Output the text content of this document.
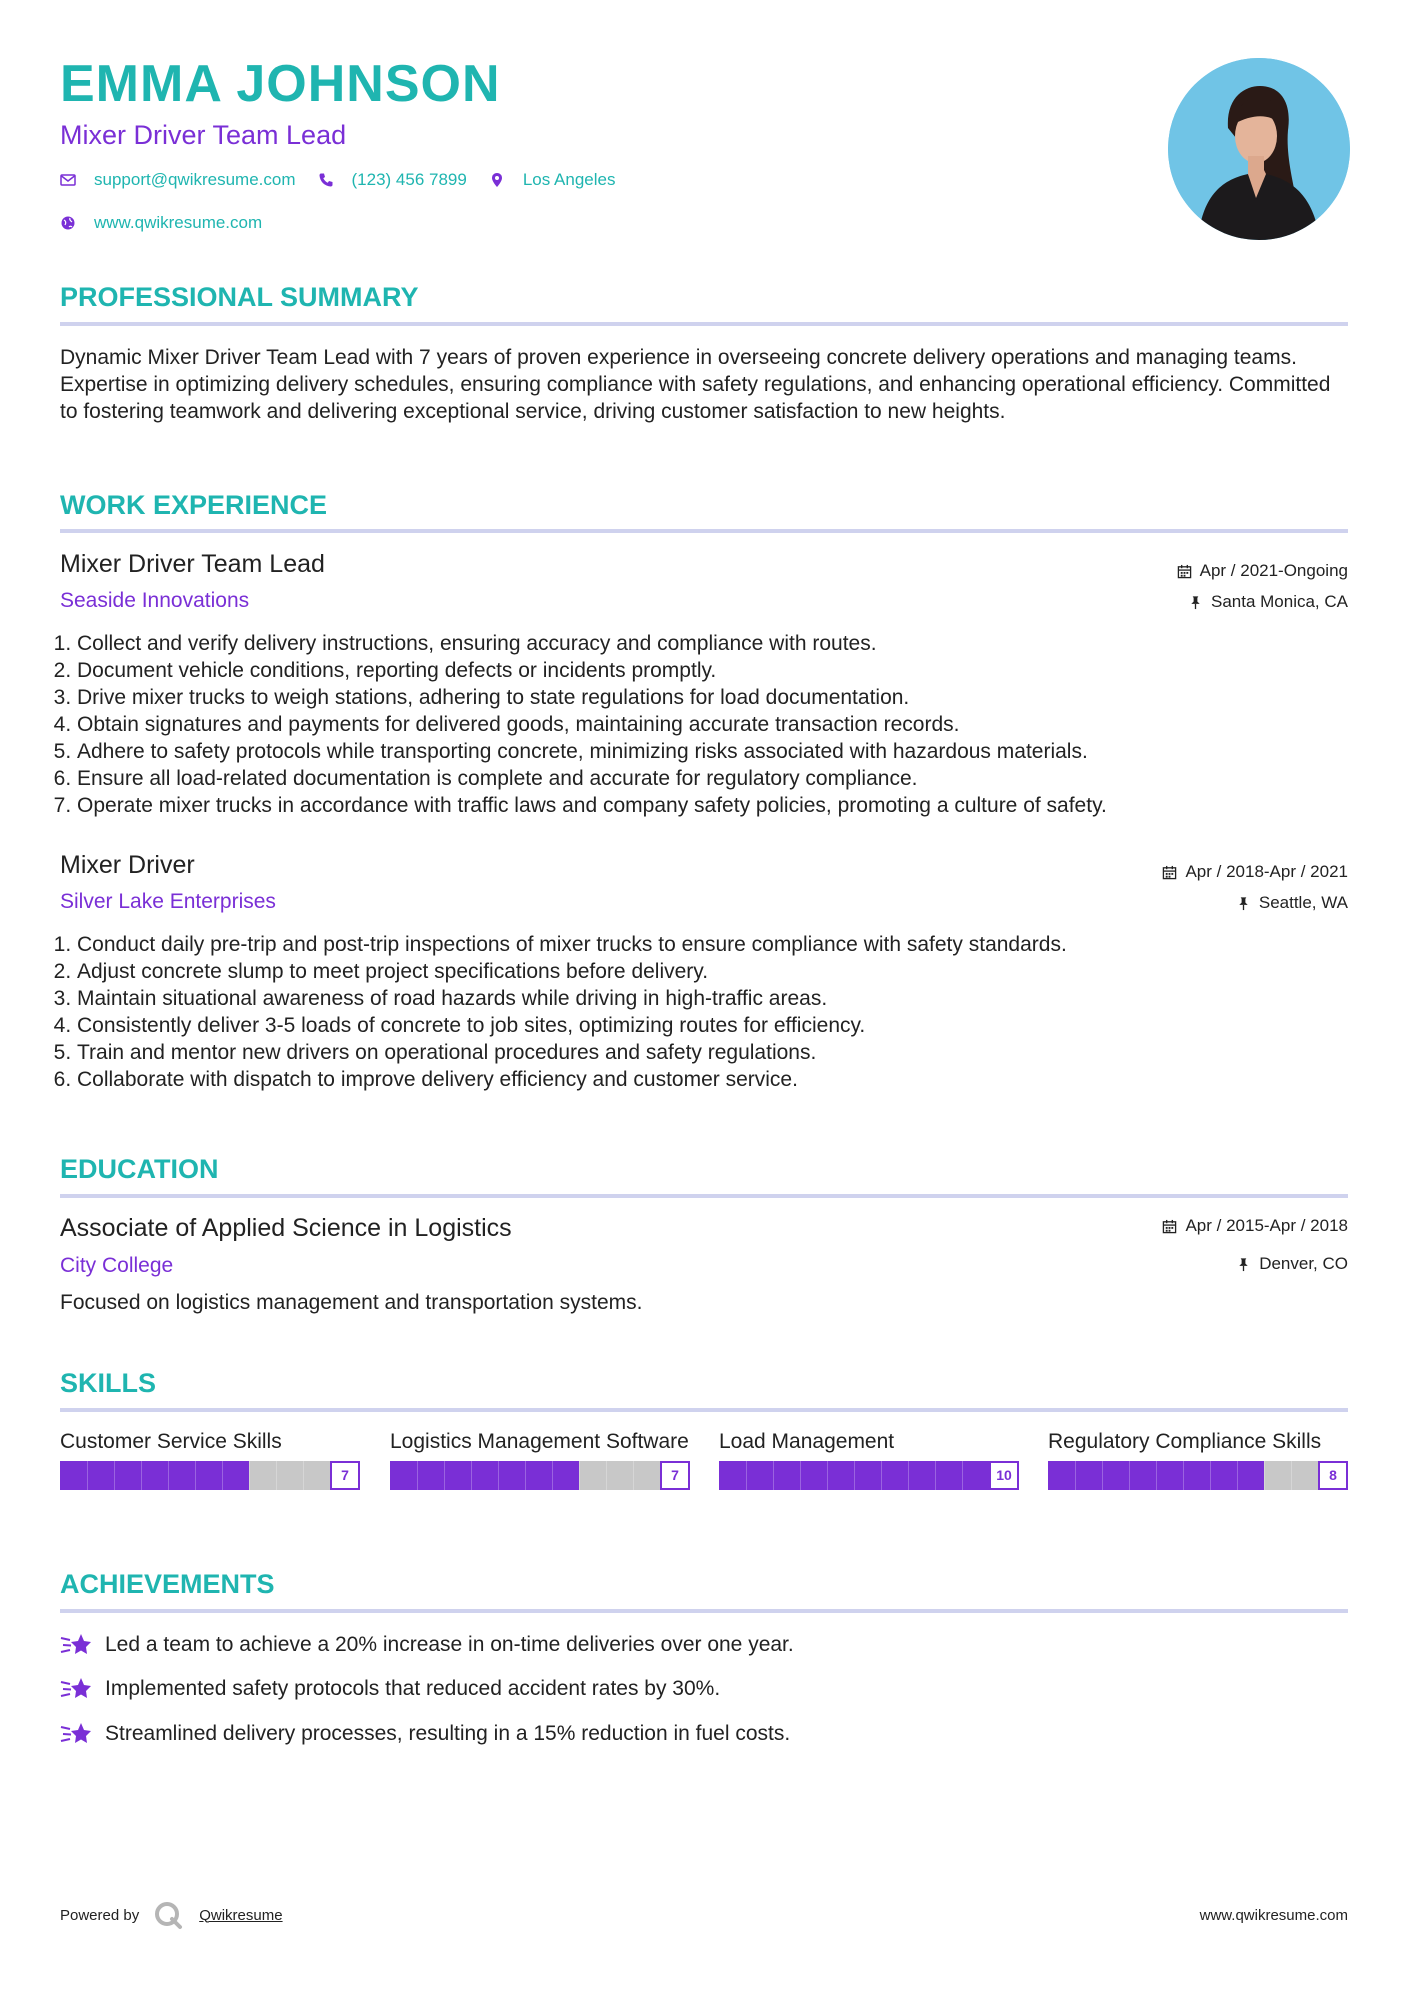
EMMA JOHNSON
Mixer Driver Team Lead
support@qwikresume.com	(123) 456 7899	Los Angeles
www.qwikresume.com
PROFESSIONAL SUMMARY

Dynamic Mixer Driver Team Lead with 7 years of proven experience in overseeing concrete delivery operations and managing teams. Expertise in optimizing delivery schedules, ensuring compliance with safety regulations, and enhancing operational efficiency. Committed to fostering teamwork and delivering exceptional service, driving customer satisfaction to new heights.

WORK EXPERIENCE
Mixer Driver Team Lead
Seaside Innovations
Apr / 2021-Ongoing
Santa Monica, CA
1. Collect and verify delivery instructions, ensuring accuracy and compliance with routes.
2. Document vehicle conditions, reporting defects or incidents promptly.
3. Drive mixer trucks to weigh stations, adhering to state regulations for load documentation.
4. Obtain signatures and payments for delivered goods, maintaining accurate transaction records.
5. Adhere to safety protocols while transporting concrete, minimizing risks associated with hazardous materials.
6. Ensure all load-related documentation is complete and accurate for regulatory compliance.
7. Operate mixer trucks in accordance with traffic laws and company safety policies, promoting a culture of safety.
Mixer Driver
Silver Lake Enterprises
Apr / 2018-Apr / 2021
Seattle, WA
1. Conduct daily pre-trip and post-trip inspections of mixer trucks to ensure compliance with safety standards.
2. Adjust concrete slump to meet project specifications before delivery.
3. Maintain situational awareness of road hazards while driving in high-traffic areas.
4. Consistently deliver 3-5 loads of concrete to job sites, optimizing routes for efficiency.
5. Train and mentor new drivers on operational procedures and safety regulations.
6. Collaborate with dispatch to improve delivery efficiency and customer service.
EDUCATION
Associate of Applied Science in Logistics
City College
Apr / 2015-Apr / 2018
Denver, CO

Focused on logistics management and transportation systems.

SKILLS
Customer Service Skills
7
Logistics Management Software
7
Load Management
10
Regulatory Compliance Skills
8
ACHIEVEMENTS
Led a team to achieve a 20% increase in on-time deliveries over one year.
Implemented safety protocols that reduced accident rates by 30%.
Streamlined delivery processes, resulting in a 15% reduction in fuel costs.
Powered by	Qwikresume	www.qwikresume.com
